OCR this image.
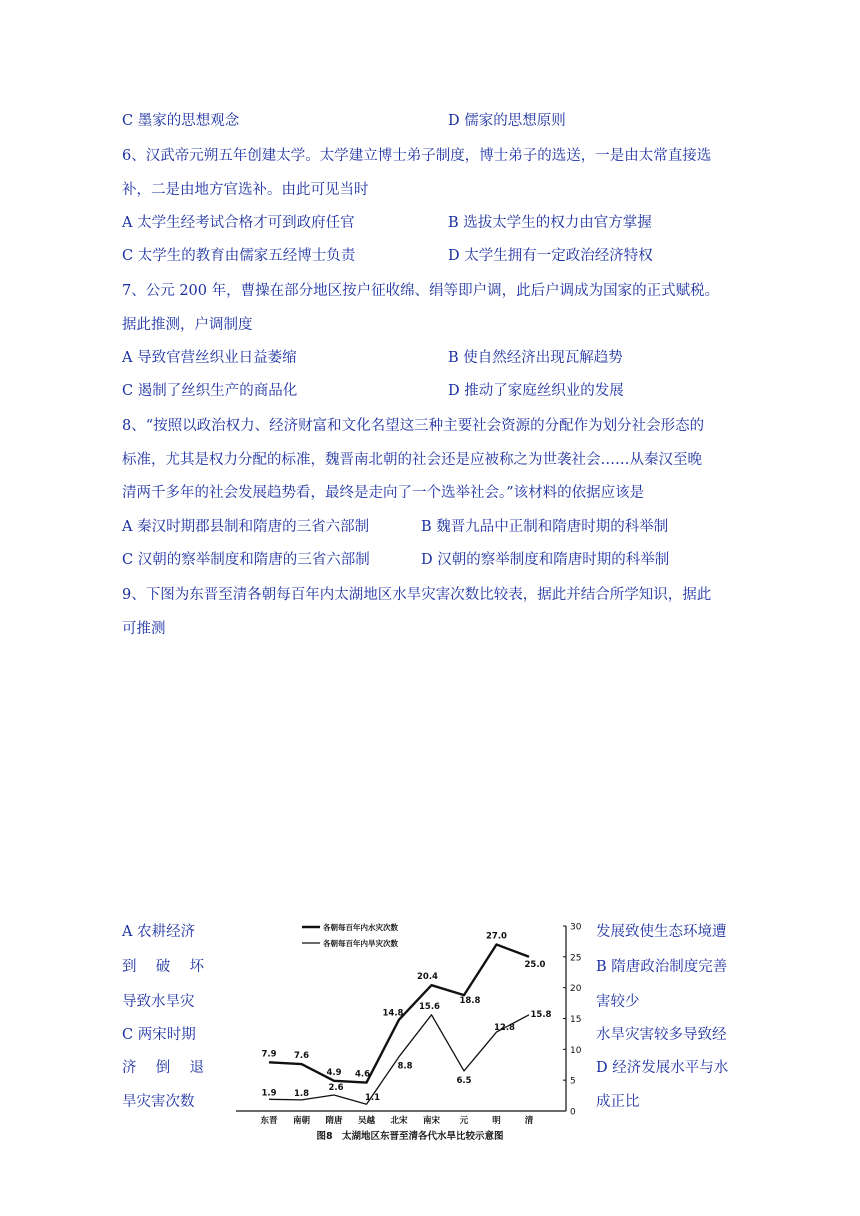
C 墨家的思想观念	D 儒家的思想原则
6、汉武帝元朔五年创建太学。太学建立博士弟子制度，博士弟子的选送，一是由太常直接选
补，二是由地方官选补。由此可见当时
A 太学生经考试合格才可到政府任官	B 选拔太学生的权力由官方掌握
C 太学生的教育由儒家五经博士负责	D 太学生拥有一定政治经济特权
7、公元 200 年，曹操在部分地区按户征收绵、绢等即户调，此后户调成为国家的正式赋税。
据此推测，户调制度
A 导致官营丝织业日益萎缩	B 使自然经济出现瓦解趋势
C 遏制了丝织生产的商品化	D 推动了家庭丝织业的发展
8、“按照以政治权力、经济财富和文化名望这三种主要社会资源的分配作为划分社会形态的
标准，尤其是权力分配的标准，魏晋南北朝的社会还是应被称之为世袭社会……从秦汉至晚
清两千多年的社会发展趋势看，最终是走向了一个选举社会。”该材料的依据应该是
A 秦汉时期郡县制和隋唐的三省六部制	B 魏晋九品中正制和隋唐时期的科举制
C 汉朝的察举制度和隋唐的三省六部制	D 汉朝的察举制度和隋唐时期的科举制
9、下图为东晋至清各朝每百年内太湖地区水旱灾害次数比较表，据此并结合所学知识，据此
可推测
A 农耕经济
到 破 坏
导致水旱灾
C 两宋时期
济 倒 退
旱灾害次数
发展致使生态环境遭
B 隋唐政治制度完善
害较少
水旱灾害较多导致经
D 经济发展水平与水
成正比
0
5
10
15
20
25
30
东晋 南朝 隋唐 吴越 北宋 南宋 元	明	清
各朝每百年内水灾次数
各朝每百年内旱灾次数
7.9 7.6
4.9 4.6
14.8
20.4
18.8
27.0
25.0
1.9 1.8
2.6
1.1
8.8
15.6
6.5
12.8
15.8
图8　太湖地区东晋至清各代水旱比较示意图
